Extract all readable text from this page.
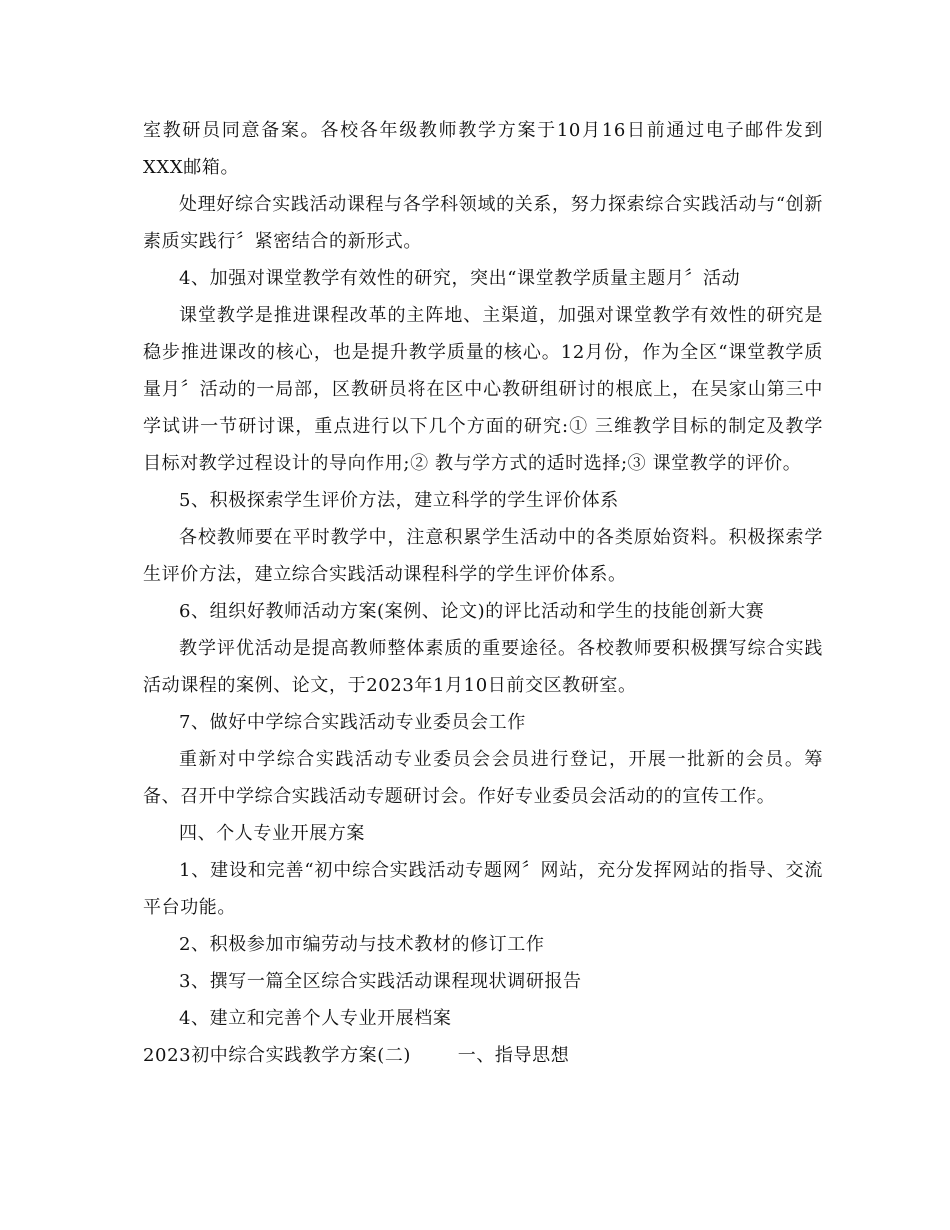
室教研员同意备案。各校各年级教师教学方案于10月16日前通过电子邮件发到XXX邮箱。

处理好综合实践活动课程与各学科领域的关系，努力探索综合实践活动与“创新素质实践行〞紧密结合的新形式。

4、加强对课堂教学有效性的研究，突出“课堂教学质量主题月〞活动

课堂教学是推进课程改革的主阵地、主渠道，加强对课堂教学有效性的研究是稳步推进课改的核心，也是提升教学质量的核心。12月份，作为全区“课堂教学质量月〞活动的一局部，区教研员将在区中心教研组研讨的根底上，在吴家山第三中学试讲一节研讨课，重点进行以下几个方面的研究:① 三维教学目标的制定及教学目标对教学过程设计的导向作用;② 教与学方式的适时选择;③ 课堂教学的评价。

5、积极探索学生评价方法，建立科学的学生评价体系

各校教师要在平时教学中，注意积累学生活动中的各类原始资料。积极探索学生评价方法，建立综合实践活动课程科学的学生评价体系。

6、组织好教师活动方案(案例、论文)的评比活动和学生的技能创新大赛

教学评优活动是提高教师整体素质的重要途径。各校教师要积极撰写综合实践活动课程的案例、论文，于2023年1月10日前交区教研室。

7、做好中学综合实践活动专业委员会工作

重新对中学综合实践活动专业委员会会员进行登记，开展一批新的会员。筹备、召开中学综合实践活动专题研讨会。作好专业委员会活动的的宣传工作。

四、个人专业开展方案

1、建设和完善“初中综合实践活动专题网〞网站，充分发挥网站的指导、交流平台功能。

2、积极参加市编劳动与技术教材的修订工作

3、撰写一篇全区综合实践活动课程现状调研报告

4、建立和完善个人专业开展档案

2023初中综合实践教学方案(二)	一、指导思想
